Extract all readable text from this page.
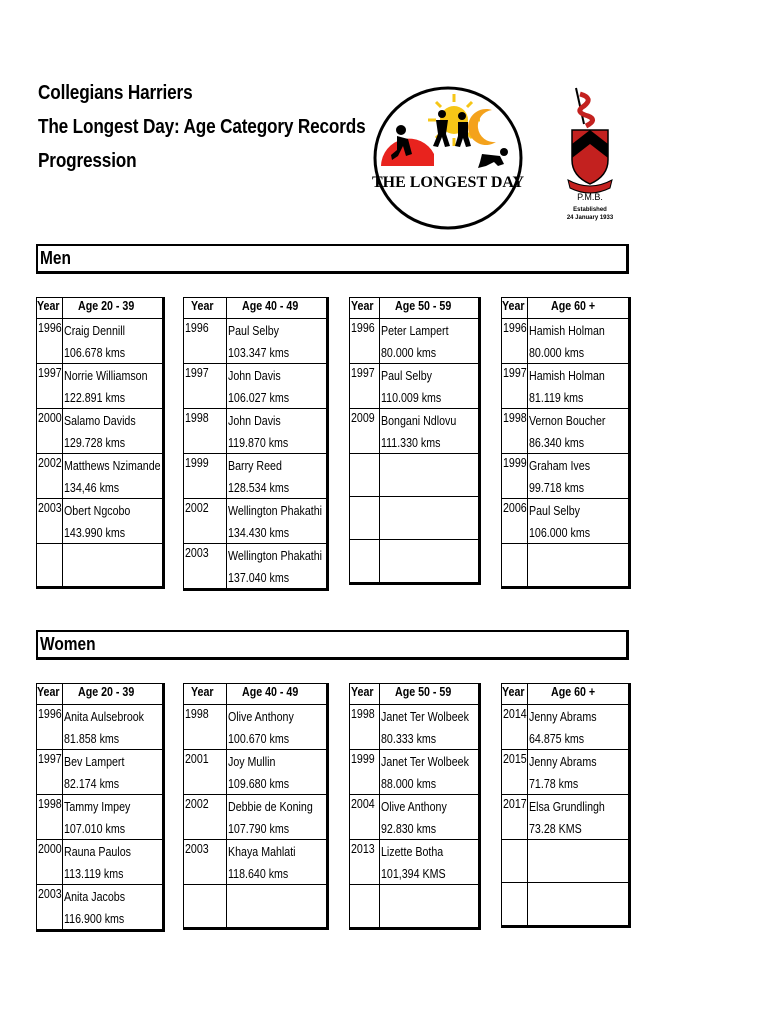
Collegians Harriers
The Longest Day: Age Category Records
Progression
THE LONGEST DAY
P.M.B.
Established
24 January 1933
Men
Women
Year	Age 20 - 39
1996	Craig Dennill
106.678 kms

1997	Norrie Williamson
122.891 kms

2000	Salamo Davids
129.728 kms

2002	Matthews Nzimande
134,46 kms

2003	Obert Ngcobo
143.990 kms

Year	Age 40 - 49
1996	Paul Selby
103.347 kms

1997	John Davis
106.027 kms

1998	John Davis
119.870 kms

1999	Barry Reed
128.534 kms

2002	Wellington Phakathi
134.430 kms

2003	Wellington Phakathi
137.040 kms
Year	Age 50 - 59
1996	Peter Lampert
80.000 kms

1997	Paul Selby
110.009 kms

2009	Bongani Ndlovu
111.330 kms

Year	Age 60 +
1996	Hamish Holman
80.000 kms

1997	Hamish Holman
81.119 kms

1998	Vernon Boucher
86.340 kms

1999	Graham Ives
99.718 kms

2006	Paul Selby
106.000 kms

Year	Age 20 - 39
1996	Anita Aulsebrook
81.858 kms

1997	Bev Lampert
82.174 kms

1998	Tammy Impey
107.010 kms

2000	Rauna Paulos
113.119 kms

2003	Anita Jacobs
116.900 kms
Year	Age 40 - 49
1998	Olive Anthony
100.670 kms

2001	Joy Mullin
109.680 kms

2002	Debbie de Koning
107.790 kms

2003	Khaya Mahlati
118.640 kms

Year	Age 50 - 59
1998	Janet Ter Wolbeek
80.333 kms

1999	Janet Ter Wolbeek
88.000 kms

2004	Olive Anthony
92.830 kms

2013	Lizette Botha
101,394 KMS

Year	Age 60 +
2014	Jenny Abrams
64.875 kms

2015	Jenny Abrams
71.78 kms

2017	Elsa Grundlingh
73.28 KMS
